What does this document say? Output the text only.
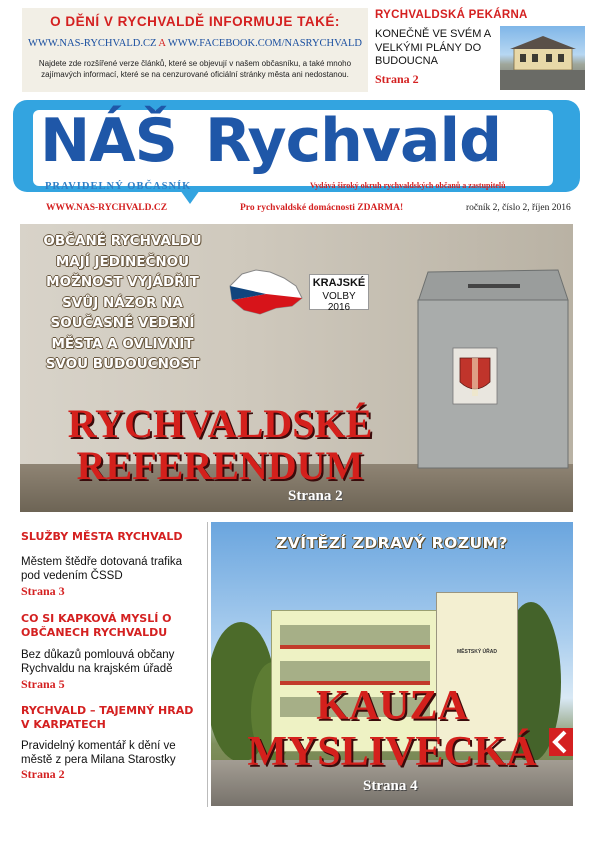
O DĚNÍ V RYCHVALDĚ INFORMUJE TAKÉ:
WWW.NAS-RYCHVALD.CZ A WWW.FACEBOOK.COM/NASRYCHVALD
Najdete zde rozšířené verze článků, které se objevují v našem občasníku, a také mnoho zajímavých informací, které se na cenzurované oficiální stránky města ani nedostanou.
RYCHVALDSKÁ PEKÁRNA
KONEČNĚ VE SVÉM A VELKÝMI PLÁNY DO BUDOUCNA
Strana 2
NÁŠ Rychvald
PRAVIDELNÝ OBČASNÍK	Vydává široký okruh rychvaldských občanů a zastupitelů
WWW.NAS-RYCHVALD.CZ	Pro rychvaldské domácnosti ZDARMA!	ročník 2, číslo 2, říjen 2016
KRAJSKÉ
VOLBY 2016
OBČANÉ RYCHVALDU
MAJÍ JEDINEČNOU
MOŽNOST VYJÁDŘIT
SVŮJ NÁZOR NA
SOUČASNÉ VEDENÍ
MĚSTA A OVLIVNIT
SVOU BUDOUCNOST
RYCHVALDSKÉ
REFERENDUM
Strana 2
SLUŽBY MĚSTA RYCHVALD
Městem štědře dotovaná trafika pod vedením ČSSD
Strana 3
CO SI KAPKOVÁ MYSLÍ O OBČANECH RYCHVALDU
Bez důkazů pomlouvá občany Rychvaldu na krajském úřadě
Strana 5
RYCHVALD – TAJEMNÝ HRAD V KARPATECH
Pravidelný komentář k dění ve městě z pera Milana Starostky
Strana 2
MĚSTSKÝ ÚŘAD
ZVÍTĚZÍ ZDRAVÝ ROZUM?
KAUZA
MYSLIVECKÁ
Strana 4
